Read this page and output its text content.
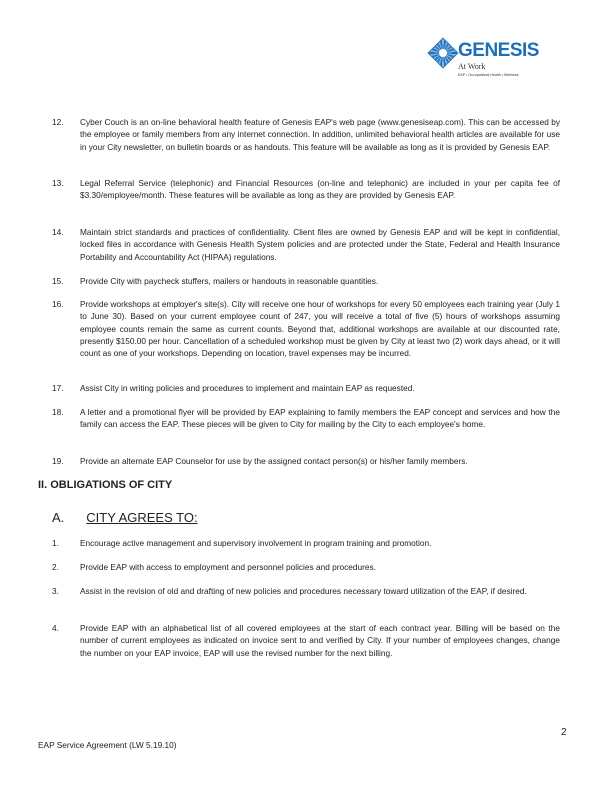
GENESIS
At Work
EAP • Occupational Health • Wellness
12. Cyber Couch is an on-line behavioral health feature of Genesis EAP's web page (www.genesiseap.com). This can be accessed by the employee or family members from any internet connection. In addition, unlimited behavioral health articles are available for use in your City newsletter, on bulletin boards or as handouts. This feature will be available as long as it is provided by Genesis EAP.
13. Legal Referral Service (telephonic) and Financial Resources (on-line and telephonic) are included in your per capita fee of $3.30/employee/month. These features will be available as long as they are provided by Genesis EAP.
14. Maintain strict standards and practices of confidentiality. Client files are owned by Genesis EAP and will be kept in confidential, locked files in accordance with Genesis Health System policies and are protected under the State, Federal and Health Insurance Portability and Accountability Act (HIPAA) regulations.
15. Provide City with paycheck stuffers, mailers or handouts in reasonable quantities.
16. Provide workshops at employer's site(s). City will receive one hour of workshops for every 50 employees each training year (July 1 to June 30). Based on your current employee count of 247, you will receive a total of five (5) hours of workshops assuming employee counts remain the same as current counts. Beyond that, additional workshops are available at our discounted rate, presently $150.00 per hour. Cancellation of a scheduled workshop must be given by City at least two (2) work days ahead, or it will count as one of your workshops. Depending on location, travel expenses may be incurred.
17. Assist City in writing policies and procedures to implement and maintain EAP as requested.
18. A letter and a promotional flyer will be provided by EAP explaining to family members the EAP concept and services and how the family can access the EAP. These pieces will be given to City for mailing by the City to each employee's home.
19. Provide an alternate EAP Counselor for use by the assigned contact person(s) or his/her family members.
II. OBLIGATIONS OF CITY
A. CITY AGREES TO:
1.	Encourage active management and supervisory involvement in program training and promotion.
2.	Provide EAP with access to employment and personnel policies and procedures.
3.	Assist in the revision of old and drafting of new policies and procedures necessary toward utilization of the EAP, if desired.
4.	Provide EAP with an alphabetical list of all covered employees at the start of each contract year. Billing will be based on the number of current employees as indicated on invoice sent to and verified by City. If your number of employees changes, change the number on your EAP invoice, EAP will use the revised number for the next billing.
2
EAP Service Agreement (LW 5.19.10)
